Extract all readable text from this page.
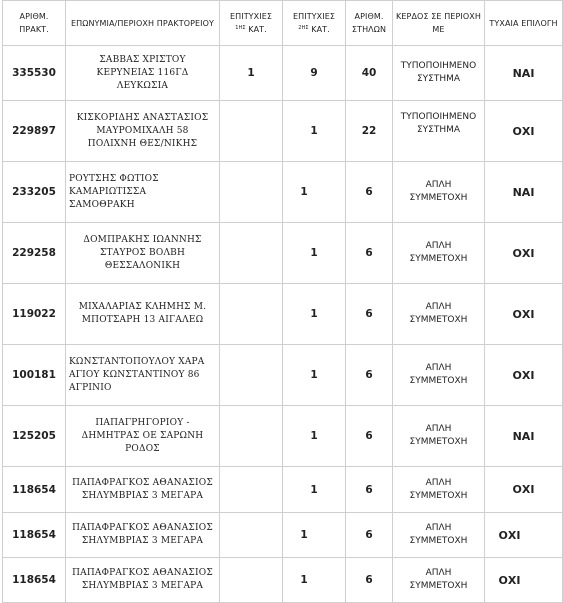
ΑΡΙΘΜ. ΠΡΑΚΤ.	ΕΠΩΝΥΜΙΑ/ΠΕΡΙΟΧΗ ΠΡΑΚΤΟΡΕΙΟΥ	ΕΠΙΤΥΧΙΕΣ
$^{1H\Sigma}$ ΚΑΤ.	ΕΠΙΤΥΧΙΕΣ
$^{2H\Sigma}$ ΚΑΤ.	ΑΡΙΘΜ. ΣΤΗΛΩΝ	ΚΕΡΔΟΣ ΣΕ ΠΕΡΙΟΧΗ ΜΕ	ΤΥΧΑΙΑ ΕΠΙΛΟΓΗ
335530	ΣΑΒΒΑΣ ΧΡΙΣΤΟΥ
ΚΕΡΥΝΕΙΑΣ 116ΓΔ
ΛΕΥΚΩΣΙΑ	1	9	40	ΤΥΠΟΠΟΙΗΜΕΝΟ ΣΥΣΤΗΜΑ	ΝΑΙ
229897	ΚΙΣΚΟΡΙΔΗΣ ΑΝΑΣΤΑΣΙΟΣ
ΜΑΥΡΟΜΙΧΑΛΗ 58
ΠΟΛΙΧΝΗ ΘΕΣ/ΝΙΚΗΣ		1	22	ΤΥΠΟΠΟΙΗΜΕΝΟ ΣΥΣΤΗΜΑ	ΟΧΙ
233205	ΡΟΥΤΣΗΣ ΦΩΤΙΟΣ
ΚΑΜΑΡΙΩΤΙΣΣΑ
ΣΑΜΟΘΡΑΚΗ		1	6	ΑΠΛΗ ΣΥΜΜΕΤΟΧΗ	ΝΑΙ
229258	ΔΟΜΠΡΑΚΗΣ ΙΩΑΝΝΗΣ
ΣΤΑΥΡΟΣ ΒΟΛΒΗ
ΘΕΣΣΑΛΟΝΙΚΗ		1	6	ΑΠΛΗ ΣΥΜΜΕΤΟΧΗ	ΟΧΙ
119022	ΜΙΧΑΛΑΡΙΑΣ ΚΛΗΜΗΣ Μ.
ΜΠΟΤΣΑΡΗ 13 ΑΙΓΑΛΕΩ		1	6	ΑΠΛΗ ΣΥΜΜΕΤΟΧΗ	ΟΧΙ
100181	ΚΩΝΣΤΑΝΤΟΠΟΥΛΟΥ ΧΑΡΑ
ΑΓΙΟΥ ΚΩΝΣΤΑΝΤΙΝΟΥ 86
ΑΓΡΙΝΙΟ		1	6	ΑΠΛΗ ΣΥΜΜΕΤΟΧΗ	ΟΧΙ
125205	ΠΑΠΑΓΡΗΓΟΡΙΟΥ -
ΔΗΜΗΤΡΑΣ ΟΕ ΣΑΡΩΝΗ
ΡΟΔΟΣ		1	6	ΑΠΛΗ ΣΥΜΜΕΤΟΧΗ	ΝΑΙ
118654	ΠΑΠΑΦΡΑΓΚΟΣ ΑΘΑΝΑΣΙΟΣ
ΣΗΛΥΜΒΡΙΑΣ 3 ΜΕΓΑΡΑ		1	6	ΑΠΛΗ ΣΥΜΜΕΤΟΧΗ	ΟΧΙ
118654	ΠΑΠΑΦΡΑΓΚΟΣ ΑΘΑΝΑΣΙΟΣ
ΣΗΛΥΜΒΡΙΑΣ 3 ΜΕΓΑΡΑ		1	6	ΑΠΛΗ ΣΥΜΜΕΤΟΧΗ	ΟΧΙ
118654	ΠΑΠΑΦΡΑΓΚΟΣ ΑΘΑΝΑΣΙΟΣ
ΣΗΛΥΜΒΡΙΑΣ 3 ΜΕΓΑΡΑ		1	6	ΑΠΛΗ ΣΥΜΜΕΤΟΧΗ	ΟΧΙ
